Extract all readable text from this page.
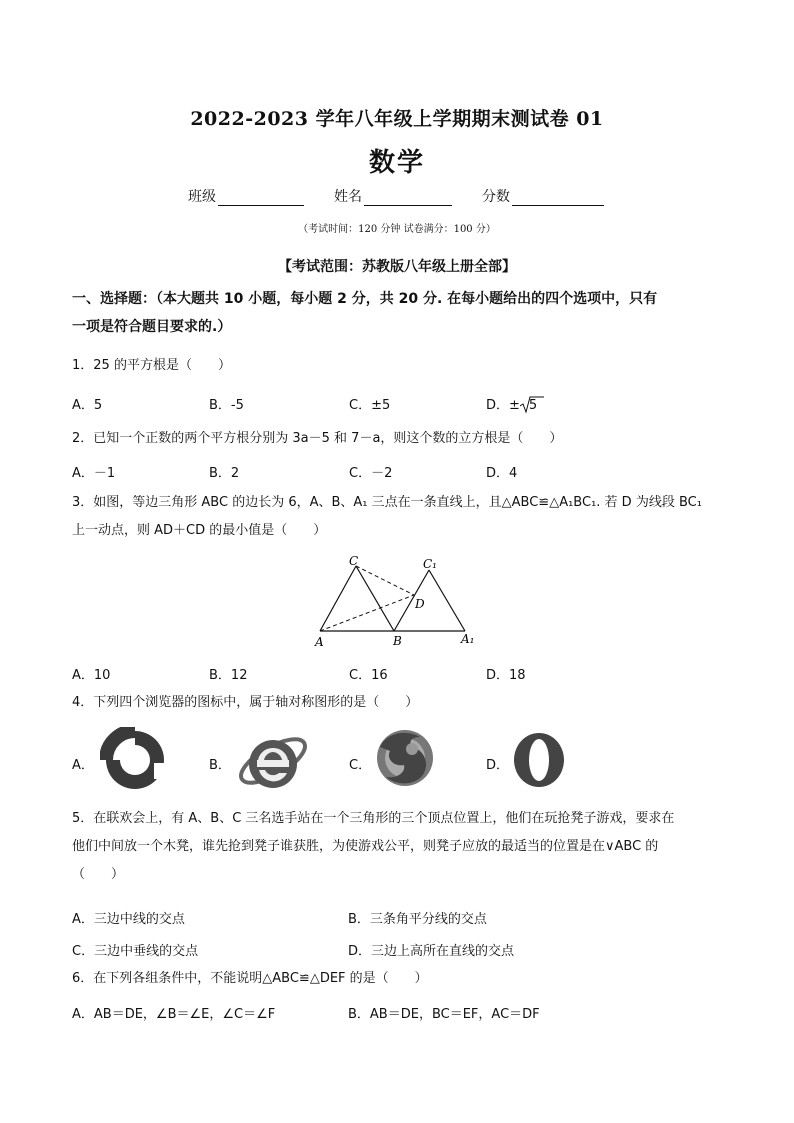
2022-2023 学年八年级上学期期末测试卷 01
数学
班级	姓名	分数
（考试时间：120 分钟 试卷满分：100 分）
【考试范围：苏教版八年级上册全部】
一、选择题：（本大题共 10 小题，每小题 2 分，共 20 分. 在每小题给出的四个选项中，只有
一项是符合题目要求的.）
1．25 的平方根是（　　）
A．5	B．-5	C．±5	D．± 5
2．已知一个正数的两个平方根分别为 3a－5 和 7－a，则这个数的立方根是（　　）
A．－1	B．2	C．－2	D．4
3．如图，等边三角形 ABC 的边长为 6，A、B、A₁ 三点在一条直线上，且△ABC≌△A₁BC₁. 若 D 为线段 BC₁
上一动点，则 AD＋CD 的最小值是（　　）
C	C₁
D
A	B	A₁
A．10	B．12	C．16	D．18
4．下列四个浏览器的图标中，属于轴对称图形的是（　　）
A．	B．	C．	D．
5．在联欢会上，有 A、B、C 三名选手站在一个三角形的三个顶点位置上，他们在玩抢凳子游戏，要求在
他们中间放一个木凳，谁先抢到凳子谁获胜，为使游戏公平，则凳子应放的最适当的位置是在∨ABC 的
（　　）
A．三边中线的交点	B．三条角平分线的交点
C．三边中垂线的交点	D．三边上高所在直线的交点
6．在下列各组条件中，不能说明△ABC≌△DEF 的是（　　）
A．AB＝DE，∠B＝∠E，∠C＝∠F	B．AB＝DE，BC＝EF，AC＝DF
